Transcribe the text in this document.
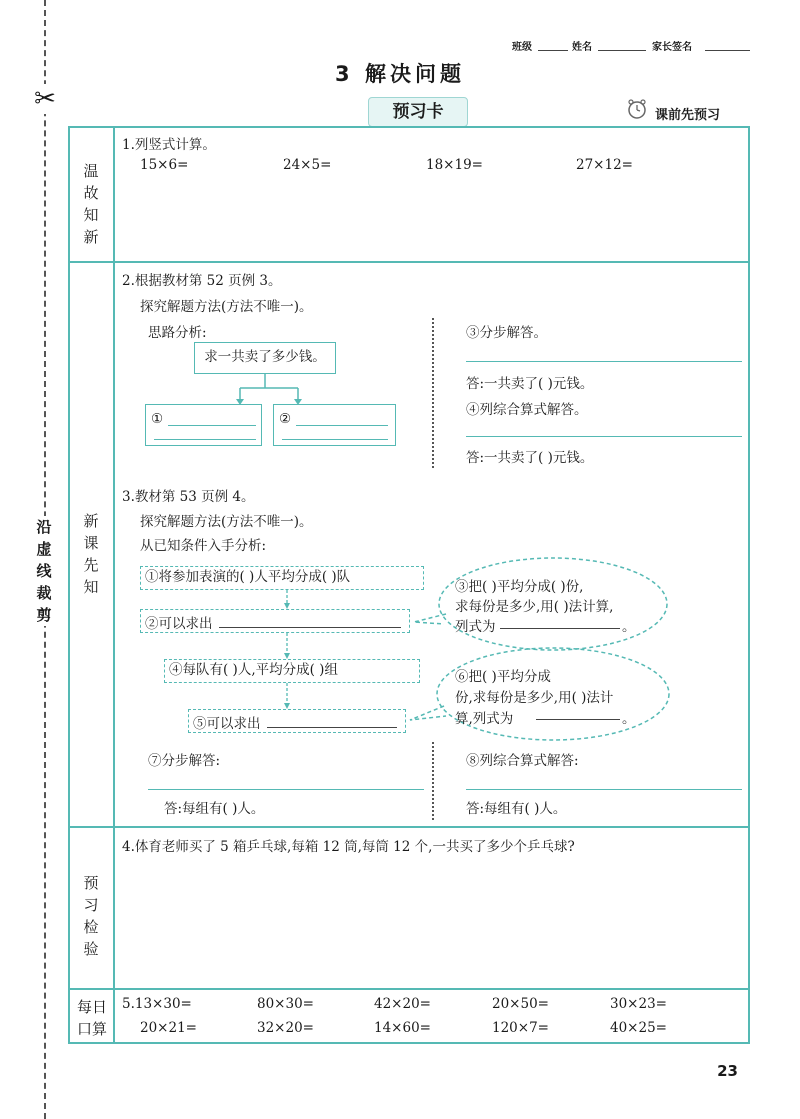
✂
沿虚线裁剪
班级	姓名	家长签名
3 解决问题
预习卡	课前先预习
温故知新
新课先知
预习检验
每日口算
1.列竖式计算。
15×6=	24×5=	18×19=	27×12=
2.根据教材第 52 页例 3。
探究解题方法(方法不唯一)。
思路分析:
求一共卖了多少钱。
①	②
③分步解答。
答:一共卖了( )元钱。
④列综合算式解答。
答:一共卖了( )元钱。
3.教材第 53 页例 4。
探究解题方法(方法不唯一)。
从已知条件入手分析:
①将参加表演的( )人平均分成( )队
②可以求出
④每队有( )人,平均分成( )组
⑤可以求出
③把( )平均分成( )份,
求每份是多少,用( )法计算,
列式为	。
⑥把( )平均分成
份,求每份是多少,用( )法计
算,列式为	。
⑦分步解答:
答:每组有( )人。
⑧列综合算式解答:
答:每组有( )人。
4.体育老师买了 5 箱乒乓球,每箱 12 筒,每筒 12 个,一共买了多少个乒乓球?
5.13×30=	80×30=	42×20=	20×50=	30×23=
20×21=	32×20=	14×60=	120×7=	40×25=
23
